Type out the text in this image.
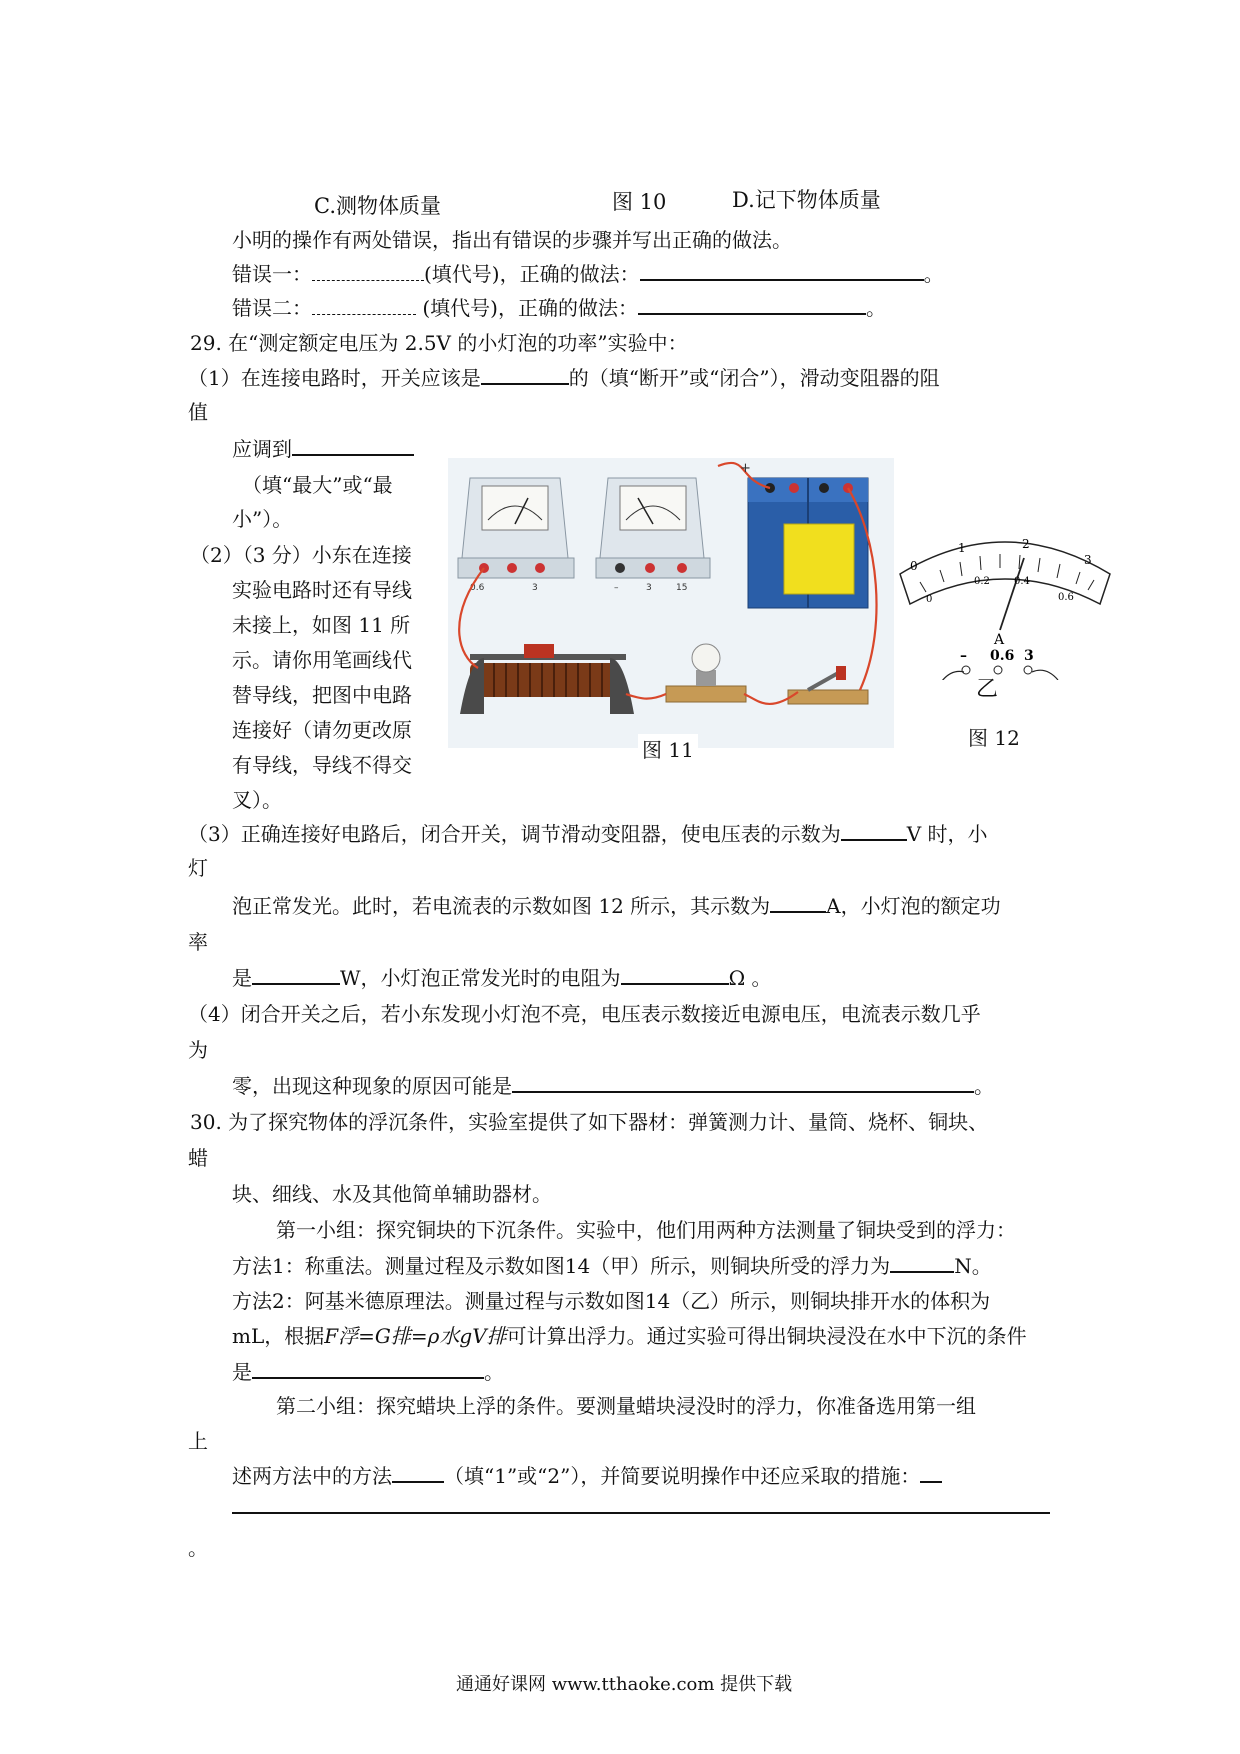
C.测物体质量	图 10	D.记下物体质量
小明的操作有两处错误，指出有错误的步骤并写出正确的做法。
错误一：	(填代号)，正确的做法：	。
错误二：	(填代号)，正确的做法：	。
29. 在“测定额定电压为 2.5V 的小灯泡的功率”实验中：
（1）在连接电路时，开关应该是	的（填“断开”或“闭合”），滑动变阻器的阻
值
应调到
（填“最大”或“最
小”）。
（2）（3 分）小东在连接
实验电路时还有导线
未接上，如图 11 所
示。请你用笔画线代
替导线，把图中电路
连接好（请勿更改原
有导线，导线不得交
叉）。
0.6	3	–	3	15
+
图 11
0
1	2
3
0
0.2 0.4
0.6
A
– 0.6 3
乙
图 12
（3）正确连接好电路后，闭合开关，调节滑动变阻器，使电压表的示数为	V 时，小
灯
泡正常发光。此时，若电流表的示数如图 12 所示，其示数为	A，小灯泡的额定功
率
是	W，小灯泡正常发光时的电阻为	Ω 。
（4）闭合开关之后，若小东发现小灯泡不亮，电压表示数接近电源电压，电流表示数几乎
为
零，出现这种现象的原因可能是	。
30. 为了探究物体的浮沉条件，实验室提供了如下器材：弹簧测力计、量筒、烧杯、铜块、
蜡
块、细线、水及其他简单辅助器材。
第一小组：探究铜块的下沉条件。实验中，他们用两种方法测量了铜块受到的浮力：
方法1：称重法。测量过程及示数如图14（甲）所示，则铜块所受的浮力为	N。
方法2：阿基米德原理法。测量过程与示数如图14（乙）所示，则铜块排开水的体积为
mL，根据F浮=G排=ρ水gV排可计算出浮力。通过实验可得出铜块浸没在水中下沉的条件
是	。
第二小组：探究蜡块上浮的条件。要测量蜡块浸没时的浮力，你准备选用第一组
上
述两方法中的方法	（填“1”或“2”），并简要说明操作中还应采取的措施：
。
通通好课网 www.tthaoke.com 提供下载
